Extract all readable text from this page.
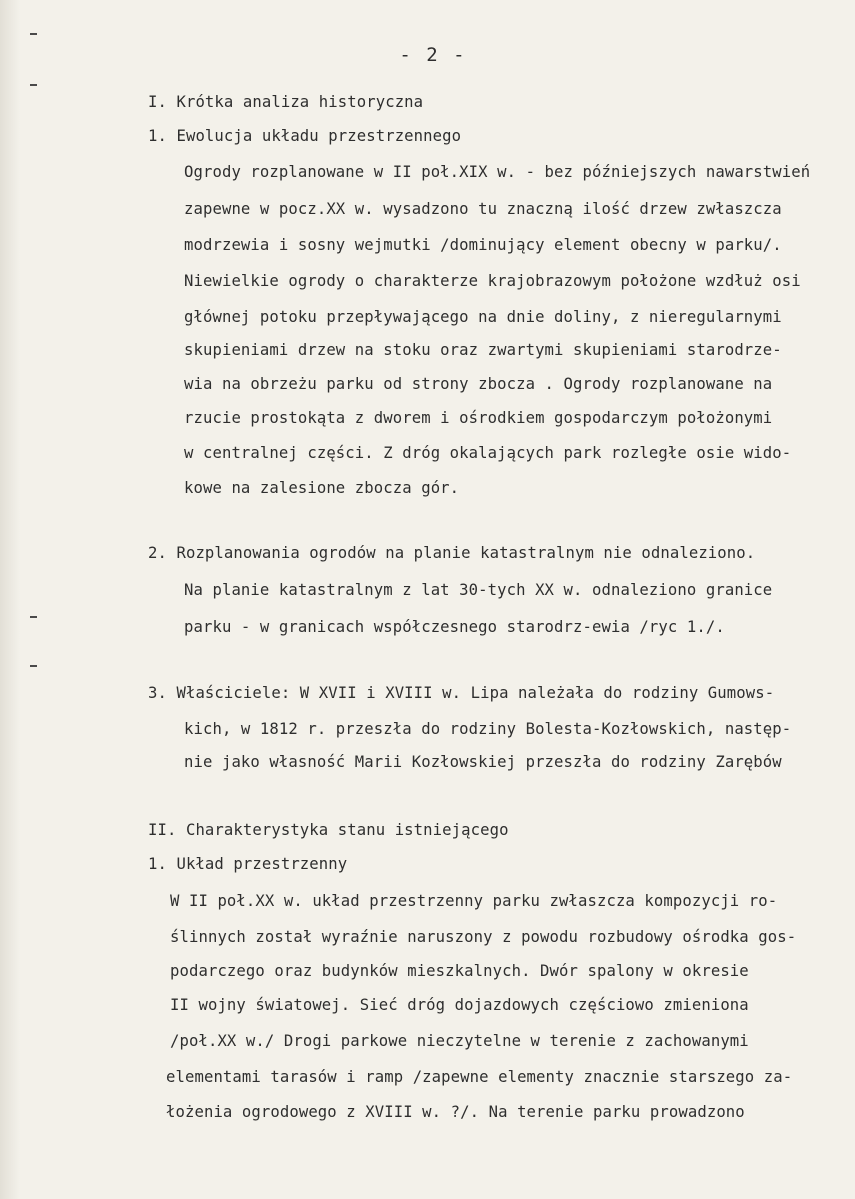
- 2 -
I. Krótka analiza historyczna
1. Ewolucja układu przestrzennego
Ogrody rozplanowane w II poł.XIX w. - bez późniejszych nawarstwień
zapewne w pocz.XX w. wysadzono tu znaczną ilość drzew zwłaszcza
modrzewia i sosny wejmutki /dominujący element obecny w parku/.
Niewielkie ogrody o charakterze krajobrazowym położone wzdłuż osi
głównej potoku przepływającego na dnie doliny, z nieregularnymi
skupieniami drzew na stoku oraz zwartymi skupieniami starodrze-
wia na obrzeżu parku od strony zbocza . Ogrody rozplanowane na
rzucie prostokąta z dworem i ośrodkiem gospodarczym położonymi
w centralnej części. Z dróg okalających park rozległe osie wido-
kowe na zalesione zbocza gór.
2. Rozplanowania ogrodów na planie katastralnym nie odnaleziono.
Na planie katastralnym z lat 30-tych XX w. odnaleziono granice
parku - w granicach współczesnego starodrz-ewia /ryc 1./.
3. Właściciele: W XVII i XVIII w. Lipa należała do rodziny Gumows-
kich, w 1812 r. przeszła do rodziny Bolesta-Kozłowskich, następ-
nie jako własność Marii Kozłowskiej przeszła do rodziny Zarębów
II. Charakterystyka stanu istniejącego
1. Układ przestrzenny
W II poł.XX w. układ przestrzenny parku zwłaszcza kompozycji ro-
ślinnych został wyraźnie naruszony z powodu rozbudowy ośrodka gos-
podarczego oraz budynków mieszkalnych. Dwór spalony w okresie
II wojny światowej. Sieć dróg dojazdowych częściowo zmieniona
/poł.XX w./ Drogi parkowe nieczytelne w terenie z zachowanymi
elementami tarasów i ramp /zapewne elementy znacznie starszego za-
łożenia ogrodowego z XVIII w. ?/. Na terenie parku prowadzono
